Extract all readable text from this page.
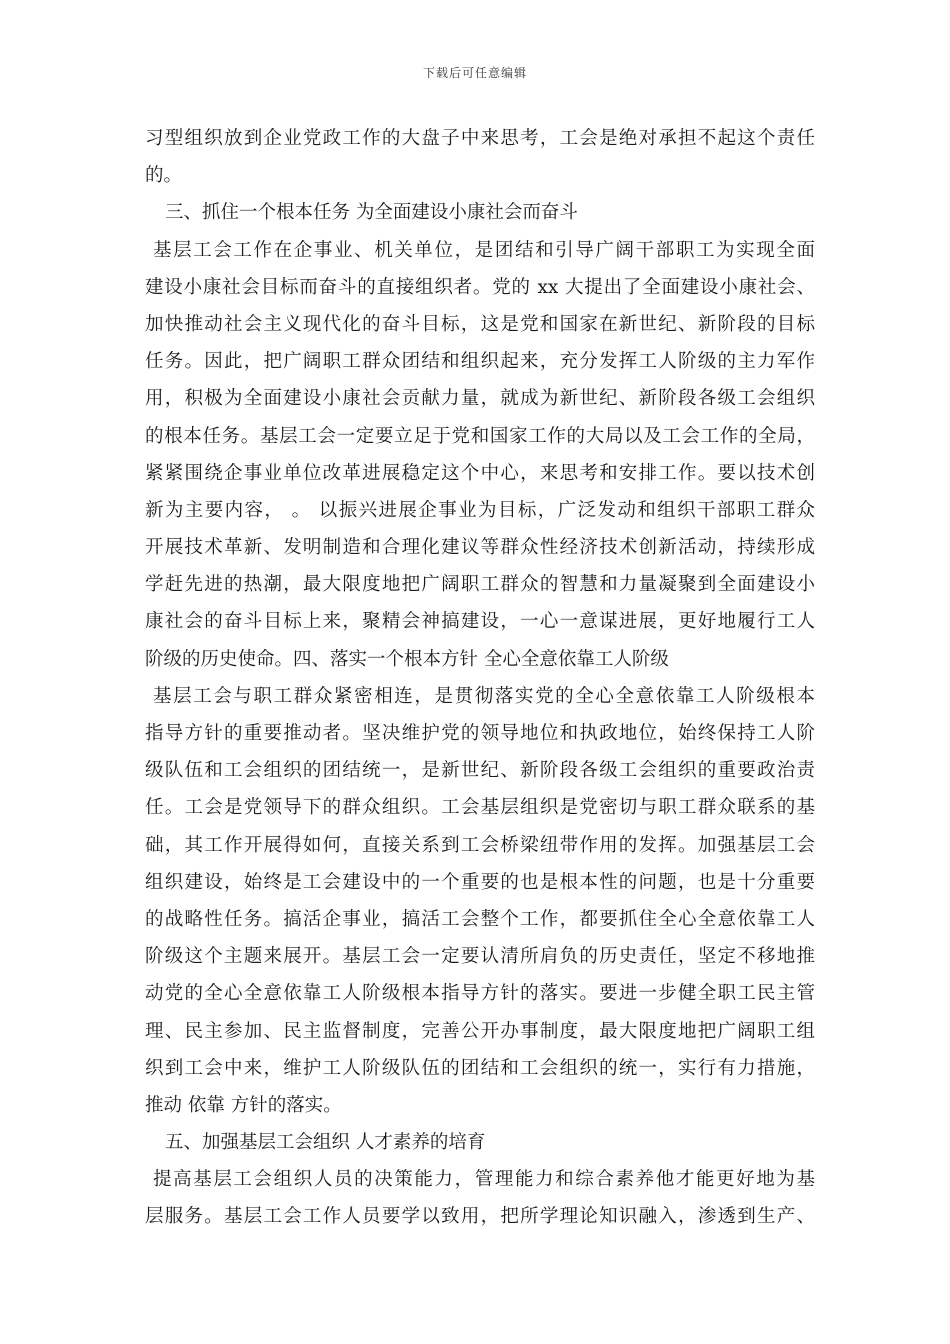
下载后可任意编辑
习型组织放到企业党政工作的大盘子中来思考，工会是绝对承担不起这个责任
的。
三、抓住一个根本任务 为全面建设小康社会而奋斗
基层工会工作在企事业、机关单位，是团结和引导广阔干部职工为实现全面
建设小康社会目标而奋斗的直接组织者。党的 xx 大提出了全面建设小康社会、
加快推动社会主义现代化的奋斗目标，这是党和国家在新世纪、新阶段的目标
任务。因此，把广阔职工群众团结和组织起来，充分发挥工人阶级的主力军作
用，积极为全面建设小康社会贡献力量，就成为新世纪、新阶段各级工会组织
的根本任务。基层工会一定要立足于党和国家工作的大局以及工会工作的全局，
紧紧围绕企事业单位改革进展稳定这个中心，来思考和安排工作。要以技术创
新为主要内容， 。 以振兴进展企事业为目标，广泛发动和组织干部职工群众
开展技术革新、发明制造和合理化建议等群众性经济技术创新活动，持续形成
学赶先进的热潮，最大限度地把广阔职工群众的智慧和力量凝聚到全面建设小
康社会的奋斗目标上来，聚精会神搞建设，一心一意谋进展，更好地履行工人
阶级的历史使命。四、落实一个根本方针 全心全意依靠工人阶级
基层工会与职工群众紧密相连，是贯彻落实党的全心全意依靠工人阶级根本
指导方针的重要推动者。坚决维护党的领导地位和执政地位，始终保持工人阶
级队伍和工会组织的团结统一，是新世纪、新阶段各级工会组织的重要政治责
任。工会是党领导下的群众组织。工会基层组织是党密切与职工群众联系的基
础，其工作开展得如何，直接关系到工会桥梁纽带作用的发挥。加强基层工会
组织建设，始终是工会建设中的一个重要的也是根本性的问题，也是十分重要
的战略性任务。搞活企事业，搞活工会整个工作，都要抓住全心全意依靠工人
阶级这个主题来展开。基层工会一定要认清所肩负的历史责任，坚定不移地推
动党的全心全意依靠工人阶级根本指导方针的落实。要进一步健全职工民主管
理、民主参加、民主监督制度，完善公开办事制度，最大限度地把广阔职工组
织到工会中来，维护工人阶级队伍的团结和工会组织的统一，实行有力措施，
推动 依靠 方针的落实。
五、加强基层工会组织 人才素养的培育
提高基层工会组织人员的决策能力，管理能力和综合素养他才能更好地为基
层服务。基层工会工作人员要学以致用，把所学理论知识融入，渗透到生产、
